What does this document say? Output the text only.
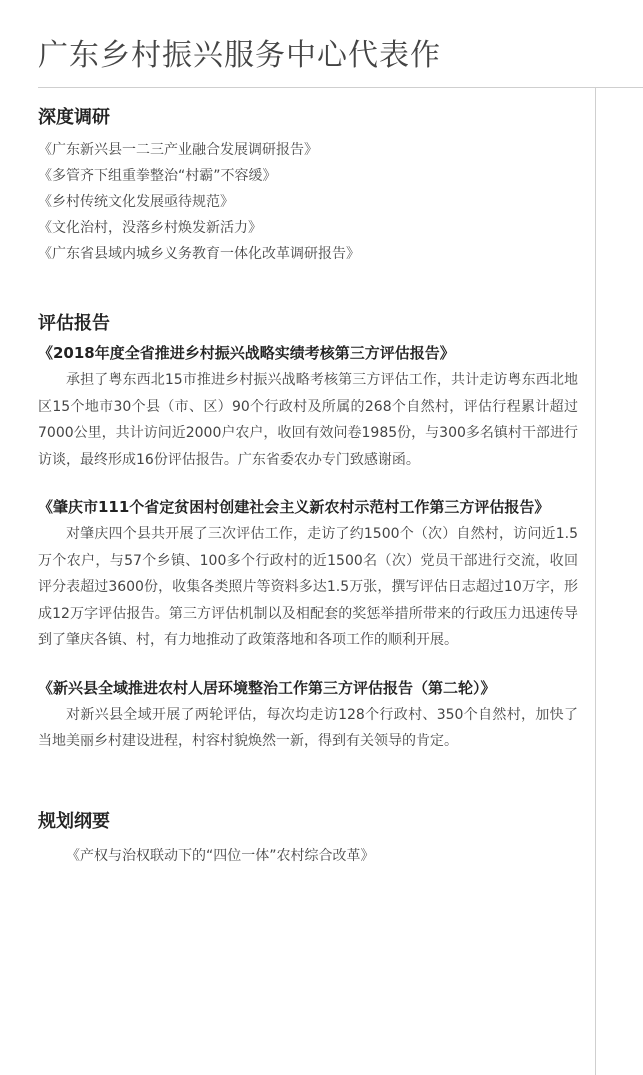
广东乡村振兴服务中心代表作
深度调研
《广东新兴县一二三产业融合发展调研报告》
《多管齐下组重拳整治“村霸”不容缓》
《乡村传统文化发展亟待规范》
《文化治村，没落乡村焕发新活力》
《广东省县域内城乡义务教育一体化改革调研报告》
评估报告
《2018年度全省推进乡村振兴战略实绩考核第三方评估报告》

承担了粤东西北15市推进乡村振兴战略考核第三方评估工作，共计走访粤东西北地区15个地市30个县（市、区）90个行政村及所属的268个自然村，评估行程累计超过7000公里，共计访问近2000户农户，收回有效问卷1985份，与300多名镇村干部进行访谈，最终形成16份评估报告。广东省委农办专门致感谢函。

《肇庆市111个省定贫困村创建社会主义新农村示范村工作第三方评估报告》

对肇庆四个县共开展了三次评估工作，走访了约1500个（次）自然村，访问近1.5万个农户，与57个乡镇、100多个行政村的近1500名（次）党员干部进行交流，收回评分表超过3600份，收集各类照片等资料多达1.5万张，撰写评估日志超过10万字，形成12万字评估报告。第三方评估机制以及相配套的奖惩举措所带来的行政压力迅速传导到了肇庆各镇、村，有力地推动了政策落地和各项工作的顺利开展。

《新兴县全域推进农村人居环境整治工作第三方评估报告（第二轮）》

对新兴县全域开展了两轮评估，每次均走访128个行政村、350个自然村，加快了当地美丽乡村建设进程，村容村貌焕然一新，得到有关领导的肯定。

规划纲要

《产权与治权联动下的“四位一体”农村综合改革》
